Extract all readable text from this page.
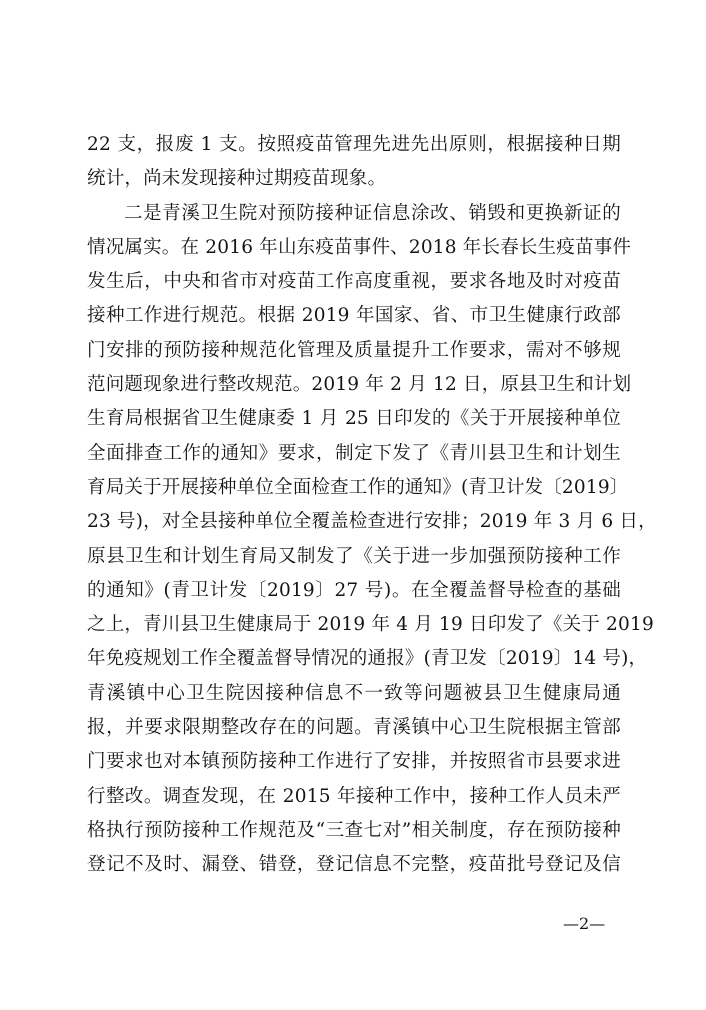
22 支，报废 1 支。按照疫苗管理先进先出原则，根据接种日期
统计，尚未发现接种过期疫苗现象。
二是青溪卫生院对预防接种证信息涂改、销毁和更换新证的
情况属实。在 2016 年山东疫苗事件、2018 年长春长生疫苗事件
发生后，中央和省市对疫苗工作高度重视，要求各地及时对疫苗
接种工作进行规范。根据 2019 年国家、省、市卫生健康行政部
门安排的预防接种规范化管理及质量提升工作要求，需对不够规
范问题现象进行整改规范。2019 年 2 月 12 日，原县卫生和计划
生育局根据省卫生健康委 1 月 25 日印发的《关于开展接种单位
全面排查工作的通知》要求，制定下发了《青川县卫生和计划生
育局关于开展接种单位全面检查工作的通知》(青卫计发〔2019〕
23 号)，对全县接种单位全覆盖检查进行安排；2019 年 3 月 6 日，
原县卫生和计划生育局又制发了《关于进一步加强预防接种工作
的通知》(青卫计发〔2019〕27 号)。在全覆盖督导检查的基础
之上，青川县卫生健康局于 2019 年 4 月 19 日印发了《关于 2019
年免疫规划工作全覆盖督导情况的通报》(青卫发〔2019〕14 号)，
青溪镇中心卫生院因接种信息不一致等问题被县卫生健康局通
报，并要求限期整改存在的问题。青溪镇中心卫生院根据主管部
门要求也对本镇预防接种工作进行了安排，并按照省市县要求进
行整改。调查发现，在 2015 年接种工作中，接种工作人员未严
格执行预防接种工作规范及“三查七对”相关制度，存在预防接种
登记不及时、漏登、错登，登记信息不完整，疫苗批号登记及信
—2—
